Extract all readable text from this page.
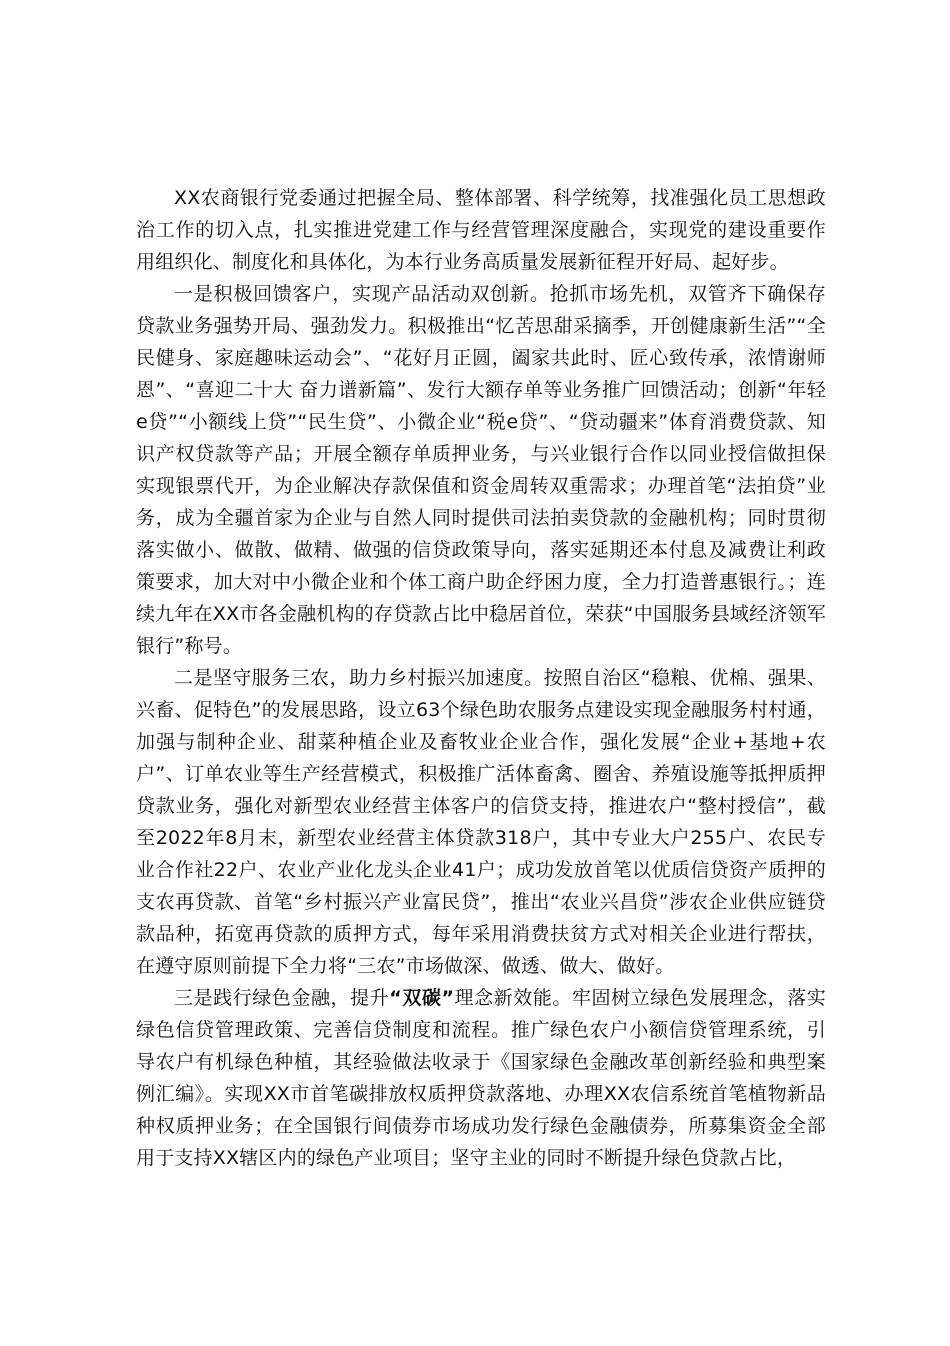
XX农商银行党委通过把握全局、整体部署、科学统筹，找准强化员工思想政治工作的切入点，扎实推进党建工作与经营管理深度融合，实现党的建设重要作用组织化、制度化和具体化，为本行业务高质量发展新征程开好局、起好步。

一是积极回馈客户，实现产品活动双创新。抢抓市场先机，双管齐下确保存贷款业务强势开局、强劲发力。积极推出“忆苦思甜采摘季，开创健康新生活”“全民健身、家庭趣味运动会”、“花好月正圆，阖家共此时、匠心致传承，浓情谢师恩”、“喜迎二十大 奋力谱新篇”、发行大额存单等业务推广回馈活动；创新“年轻e贷”“小额线上贷”“民生贷”、小微企业“税e贷”、“贷动疆来”体育消费贷款、知识产权贷款等产品；开展全额存单质押业务，与兴业银行合作以同业授信做担保实现银票代开，为企业解决存款保值和资金周转双重需求；办理首笔“法拍贷”业务，成为全疆首家为企业与自然人同时提供司法拍卖贷款的金融机构；同时贯彻落实做小、做散、做精、做强的信贷政策导向，落实延期还本付息及减费让利政策要求，加大对中小微企业和个体工商户助企纾困力度，全力打造普惠银行。；连续九年在XX市各金融机构的存贷款占比中稳居首位，荣获“中国服务县域经济领军银行”称号。

二是坚守服务三农，助力乡村振兴加速度。按照自治区“稳粮、优棉、强果、兴畜、促特色”的发展思路，设立63个绿色助农服务点建设实现金融服务村村通，加强与制种企业、甜菜种植企业及畜牧业企业合作，强化发展“企业+基地+农户”、订单农业等生产经营模式，积极推广活体畜禽、圈舍、养殖设施等抵押质押贷款业务，强化对新型农业经营主体客户的信贷支持，推进农户“整村授信”，截至2022年8月末，新型农业经营主体贷款318户，其中专业大户255户、农民专业合作社22户、农业产业化龙头企业41户；成功发放首笔以优质信贷资产质押的支农再贷款、首笔“乡村振兴产业富民贷”，推出“农业兴昌贷”涉农企业供应链贷款品种，拓宽再贷款的质押方式，每年采用消费扶贫方式对相关企业进行帮扶，在遵守原则前提下全力将“三农”市场做深、做透、做大、做好。

三是践行绿色金融，提升“双碳”理念新效能。牢固树立绿色发展理念，落实绿色信贷管理政策、完善信贷制度和流程。推广绿色农户小额信贷管理系统，引导农户有机绿色种植，其经验做法收录于《国家绿色金融改革创新经验和典型案例汇编》。实现XX市首笔碳排放权质押贷款落地、办理XX农信系统首笔植物新品种权质押业务；在全国银行间债券市场成功发行绿色金融债券，所募集资金全部用于支持XX辖区内的绿色产业项目；坚守主业的同时不断提升绿色贷款占比，
